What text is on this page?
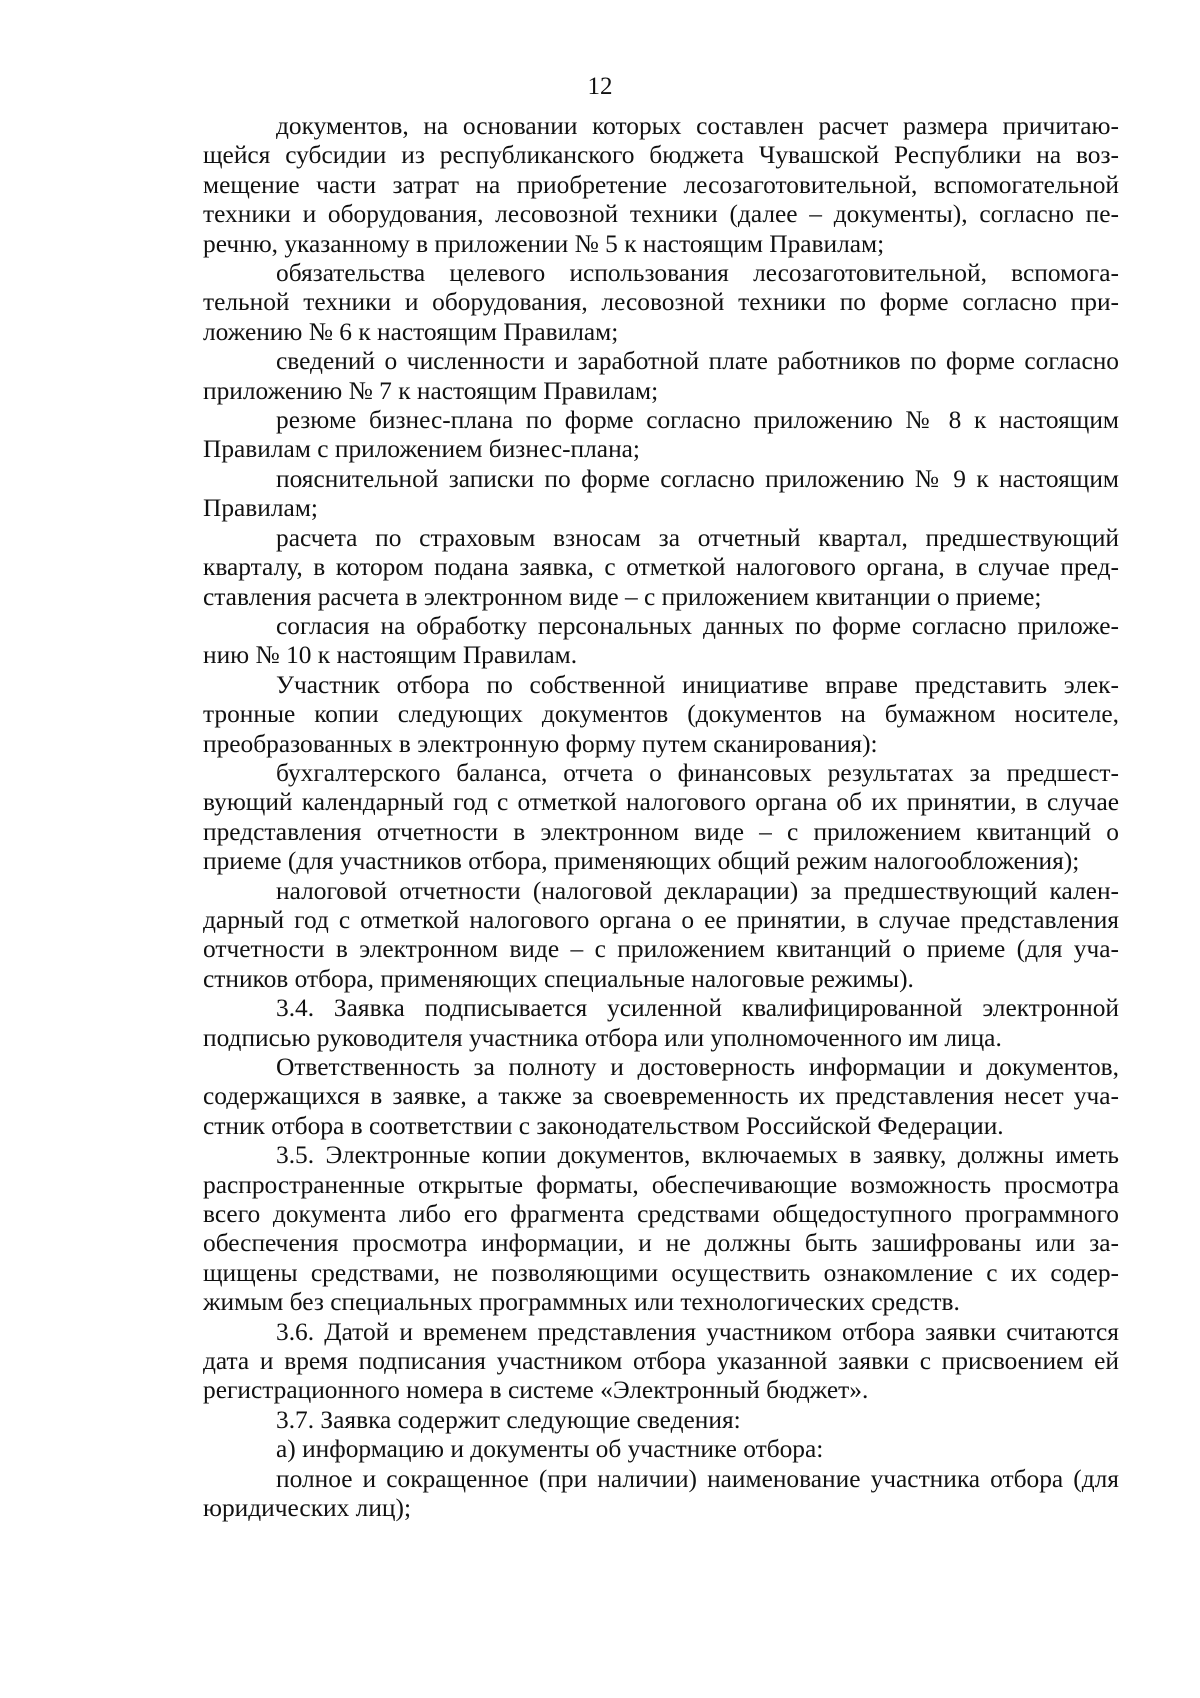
12

документов, на основании которых составлен расчет размера причитающейся субсидии из республиканского бюджета Чувашской Республики на возмещение части затрат на приобретение лесозаготовительной, вспомогательной техники и оборудования, лесовозной техники (далее – документы), согласно перечню, указанному в приложении № 5 к настоящим Правилам;

обязательства целевого использования лесозаготовительной, вспомогательной техники и оборудования, лесовозной техники по форме согласно приложению № 6 к настоящим Правилам;

сведений о численности и заработной плате работников по форме согласно приложению № 7 к настоящим Правилам;

резюме бизнес-плана по форме согласно приложению № 8 к настоящим Правилам с приложением бизнес-плана;

пояснительной записки по форме согласно приложению № 9 к настоящим Правилам;

расчета по страховым взносам за отчетный квартал, предшествующий кварталу, в котором подана заявка, с отметкой налогового органа, в случае представления расчета в электронном виде – с приложением квитанции о приеме;

согласия на обработку персональных данных по форме согласно приложению № 10 к настоящим Правилам.

Участник отбора по собственной инициативе вправе представить электронные копии следующих документов (документов на бумажном носителе, преобразованных в электронную форму путем сканирования):

бухгалтерского баланса, отчета о финансовых результатах за предшествующий календарный год с отметкой налогового органа об их принятии, в случае представления отчетности в электронном виде – с приложением квитанций о приеме (для участников отбора, применяющих общий режим налогообложения);

налоговой отчетности (налоговой декларации) за предшествующий календарный год с отметкой налогового органа о ее принятии, в случае представления отчетности в электронном виде – с приложением квитанций о приеме (для участников отбора, применяющих специальные налоговые режимы).

3.4. Заявка подписывается усиленной квалифицированной электронной подписью руководителя участника отбора или уполномоченного им лица.

Ответственность за полноту и достоверность информации и документов, содержащихся в заявке, а также за своевременность их представления несет участник отбора в соответствии с законодательством Российской Федерации.

3.5. Электронные копии документов, включаемых в заявку, должны иметь распространенные открытые форматы, обеспечивающие возможность просмотра всего документа либо его фрагмента средствами общедоступного программного обеспечения просмотра информации, и не должны быть зашифрованы или защищены средствами, не позволяющими осуществить ознакомление с их содержимым без специальных программных или технологических средств.

3.6. Датой и временем представления участником отбора заявки считаются дата и время подписания участником отбора указанной заявки с присвоением ей регистрационного номера в системе «Электронный бюджет».

3.7. Заявка содержит следующие сведения:

а) информацию и документы об участнике отбора:

полное и сокращенное (при наличии) наименование участника отбора (для юридических лиц);
